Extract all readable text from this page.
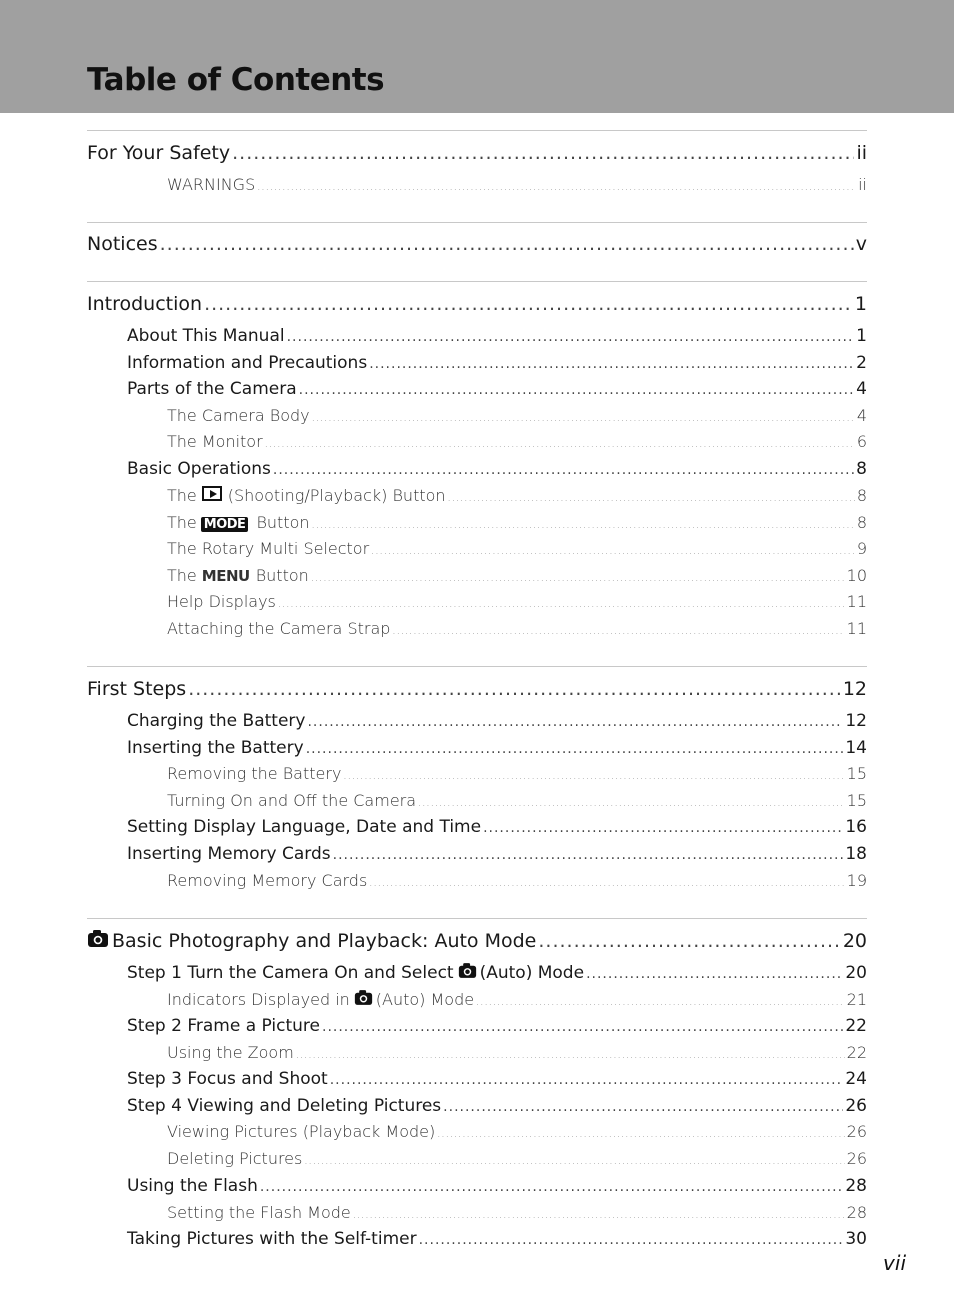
Table of Contents
For Your Safety .....	ii
WARNINGS .....	ii
Notices .....	v
Introduction .....	1
About This Manual .....	1
Information and Precautions .....	2
Parts of the Camera .....	4
The Camera Body .....	4
The Monitor .....	6
Basic Operations .....	8
The (Shooting/Playback) Button .....	8
The MODE Button .....	8
The Rotary Multi Selector .....	9
The MENU Button .....	10
Help Displays .....	11
Attaching the Camera Strap .....	11
First Steps .....	12
Charging the Battery .....	12
Inserting the Battery .....	14
Removing the Battery .....	15
Turning On and Off the Camera .....	15
Setting Display Language, Date and Time .....	16
Inserting Memory Cards .....	18
Removing Memory Cards .....	19
Basic Photography and Playback: Auto Mode .....	20
Step 1 Turn the Camera On and Select (Auto) Mode .....	20
Indicators Displayed in (Auto) Mode .....	21
Step 2 Frame a Picture .....	22
Using the Zoom .....	22
Step 3 Focus and Shoot .....	24
Step 4 Viewing and Deleting Pictures .....	26
Viewing Pictures (Playback Mode) .....	26
Deleting Pictures .....	26
Using the Flash .....	28
Setting the Flash Mode .....	28
Taking Pictures with the Self-timer .....	30
vii
